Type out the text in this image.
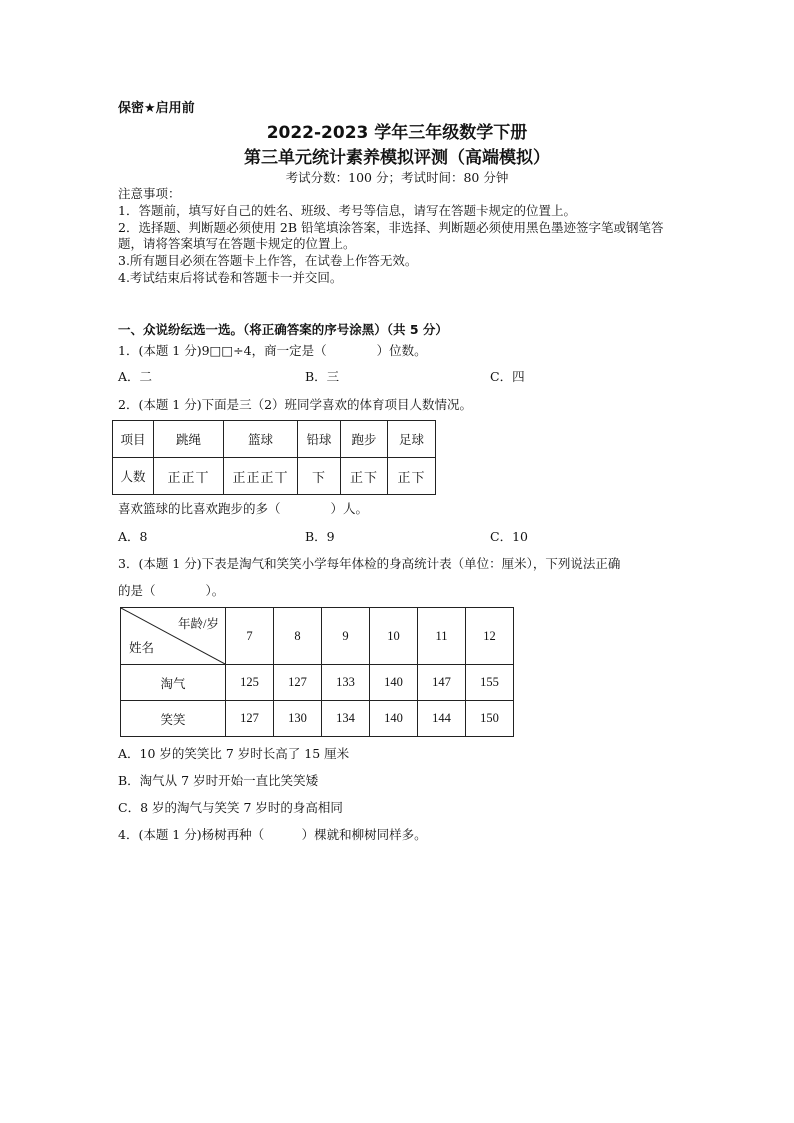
保密★启用前
2022-2023 学年三年级数学下册
第三单元统计素养模拟评测（高端模拟）
考试分数：100 分；考试时间：80 分钟
注意事项：
1．答题前，填写好自己的姓名、班级、考号等信息，请写在答题卡规定的位置上。
2．选择题、判断题必须使用 2B 铅笔填涂答案，非选择、判断题必须使用黑色墨迹签字笔或钢笔答题，请将答案填写在答题卡规定的位置上。
3.所有题目必须在答题卡上作答，在试卷上作答无效。
4.考试结束后将试卷和答题卡一并交回。
一、众说纷纭选一选。（将正确答案的序号涂黑）（共 5 分）
1．(本题 1 分)9□□÷4，商一定是（　　　　）位数。
A．二	B．三	C．四
2．(本题 1 分)下面是三（2）班同学喜欢的体育项目人数情况。
项目	跳绳	篮球	铅球	跑步	足球
人数	正正丅	正正正丅	下	正下	正下
喜欢篮球的比喜欢跑步的多（　　　　）人。
A．8	B．9	C．10
3．(本题 1 分)下表是淘气和笑笑小学每年体检的身高统计表（单位：厘米），下列说法正确
的是（　　　　）。
年龄/岁
姓名	7	8	9	10	11	12
淘气	125	127	133	140	147	155
笑笑	127	130	134	140	144	150
A．10 岁的笑笑比 7 岁时长高了 15 厘米
B．淘气从 7 岁时开始一直比笑笑矮
C．8 岁的淘气与笑笑 7 岁时的身高相同
4．(本题 1 分)杨树再种（　　　）棵就和柳树同样多。
